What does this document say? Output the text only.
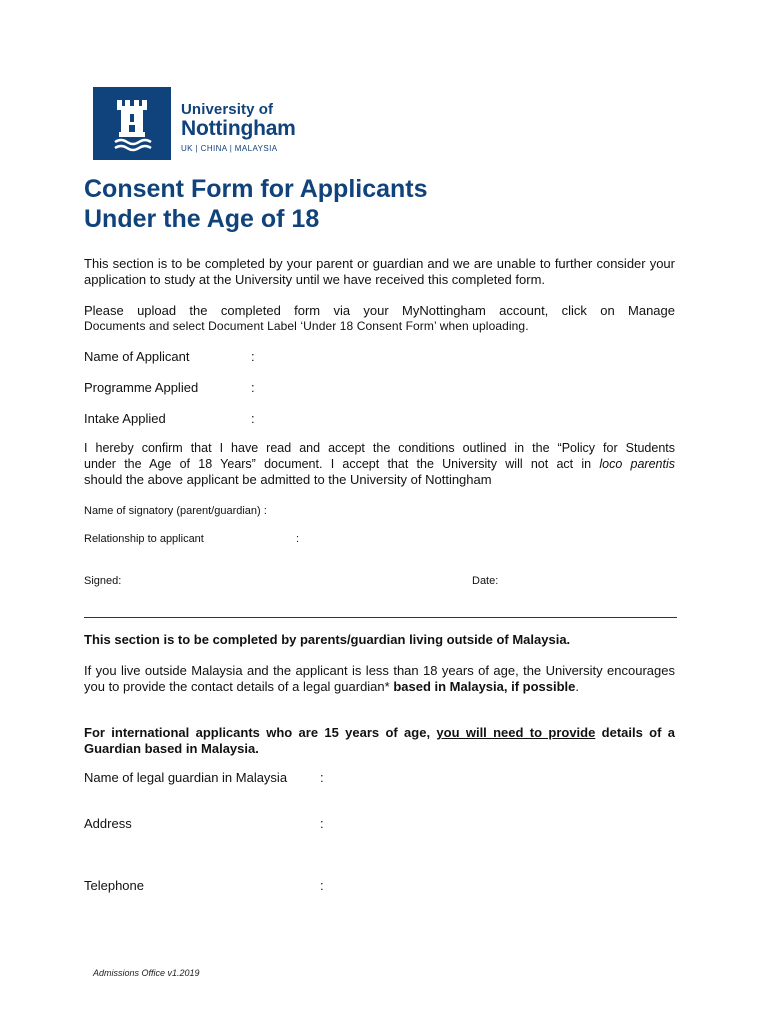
University of
Nottingham
UK | CHINA | MALAYSIA
Consent Form for Applicants
Under the Age of 18
This section is to be completed by your parent or guardian and we are unable to further consider your application to study at the University until we have received this completed form.
Please upload the completed form via your MyNottingham account, click on Manage
Documents and select Document Label ‘Under 18 Consent Form’ when uploading.
Name of Applicant	:
Programme Applied	:
Intake Applied	:
I hereby confirm that I have read and accept the conditions outlined in the “Policy for Students
under the Age of 18 Years” document. I accept that the University will not act in loco parentis
should the above applicant be admitted to the University of Nottingham
Name of signatory (parent/guardian) :
Relationship to applicant	:
Signed:	Date:
This section is to be completed by parents/guardian living outside of Malaysia.
If you live outside Malaysia and the applicant is less than 18 years of age, the University encourages you to provide the contact details of a legal guardian* based in Malaysia, if possible.
For international applicants who are 15 years of age, you will need to provide details of a Guardian based in Malaysia.
Name of legal guardian in Malaysia	:
Address	:
Telephone	:
Admissions Office v1.2019
